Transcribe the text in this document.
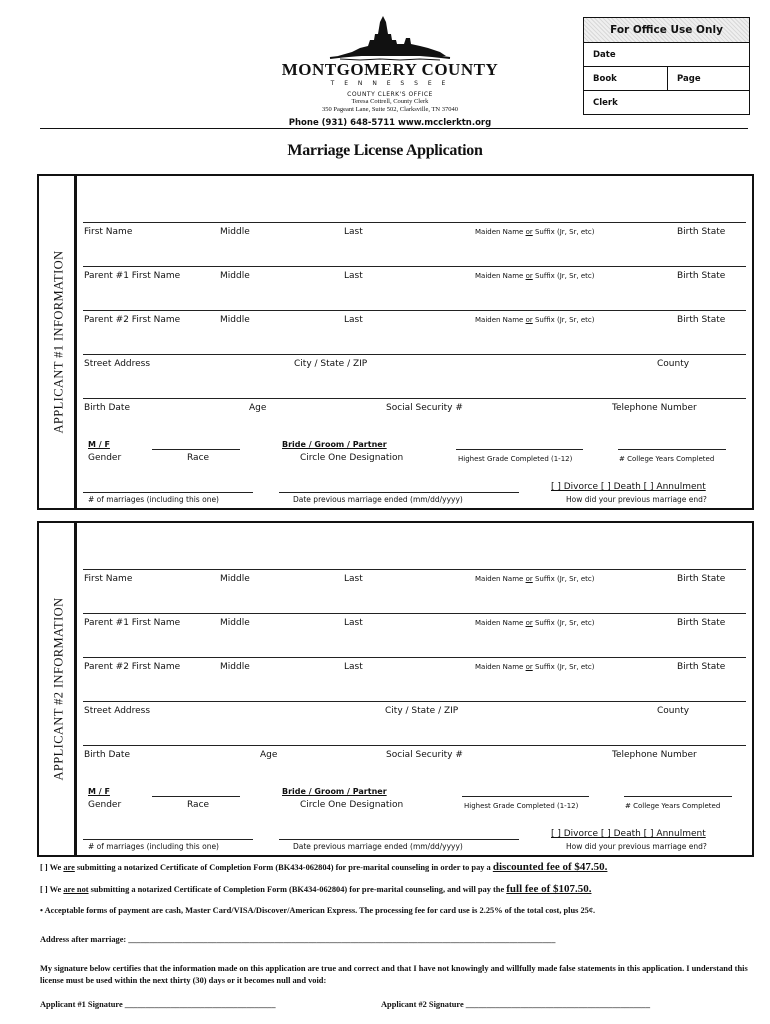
MONTGOMERY COUNTY
T E N N E S S E E
COUNTY CLERK'S OFFICE
Teresa Cottrell, County Clerk
350 Pageant Lane, Suite 502, Clarksville, TN 37040
Phone (931) 648-5711 www.mcclerktn.org
For Office Use Only
Date
Book	Page
Clerk
Marriage License Application
APPLICANT #1 INFORMATION
First Name	Middle	Last	Maiden Name or Suffix (Jr, Sr, etc)	Birth State
Parent #1 First Name	Middle	Last	Maiden Name or Suffix (Jr, Sr, etc)	Birth State
Parent #2 First Name	Middle	Last	Maiden Name or Suffix (Jr, Sr, etc)	Birth State
Street Address	City / State / ZIP	County
Birth Date	Age	Social Security #	Telephone Number
M / F	Bride / Groom / Partner
Gender	Race	Circle One Designation	Highest Grade Completed (1-12)	# College Years Completed
[ ] Divorce [ ] Death [ ] Annulment
# of marriages (including this one)	Date previous marriage ended (mm/dd/yyyy)	How did your previous marriage end?
APPLICANT #2 INFORMATION
First Name	Middle	Last	Maiden Name or Suffix (Jr, Sr, etc)	Birth State
Parent #1 First Name	Middle	Last	Maiden Name or Suffix (Jr, Sr, etc)	Birth State
Parent #2 First Name	Middle	Last	Maiden Name or Suffix (Jr, Sr, etc)	Birth State
Street Address	City / State / ZIP	County
Birth Date	Age	Social Security #	Telephone Number
M / F	Bride / Groom / Partner
Gender	Race	Circle One Designation	Highest Grade Completed (1-12)	# College Years Completed
[ ] Divorce [ ] Death [ ] Annulment
# of marriages (including this one)	Date previous marriage ended (mm/dd/yyyy)	How did your previous marriage end?
[ ] We are submitting a notarized Certificate of Completion Form (BK434-062804) for pre-marital counseling in order to pay a discounted fee of $47.50.
[ ] We are not submitting a notarized Certificate of Completion Form (BK434-062804) for pre-marital counseling, and will pay the full fee of $107.50.
• Acceptable forms of payment are cash, Master Card/VISA/Discover/American Express. The processing fee for card use is 2.25% of the total cost, plus 25¢.
Address after marriage: ______________________________________________________________________________________________________
My signature below certifies that the information made on this application are true and correct and that I have not knowingly and willfully made false statements in this application. I understand this license must be used within the next thirty (30) days or it becomes null and void:
Applicant #1 Signature ____________________________________	Applicant #2 Signature ____________________________________________
